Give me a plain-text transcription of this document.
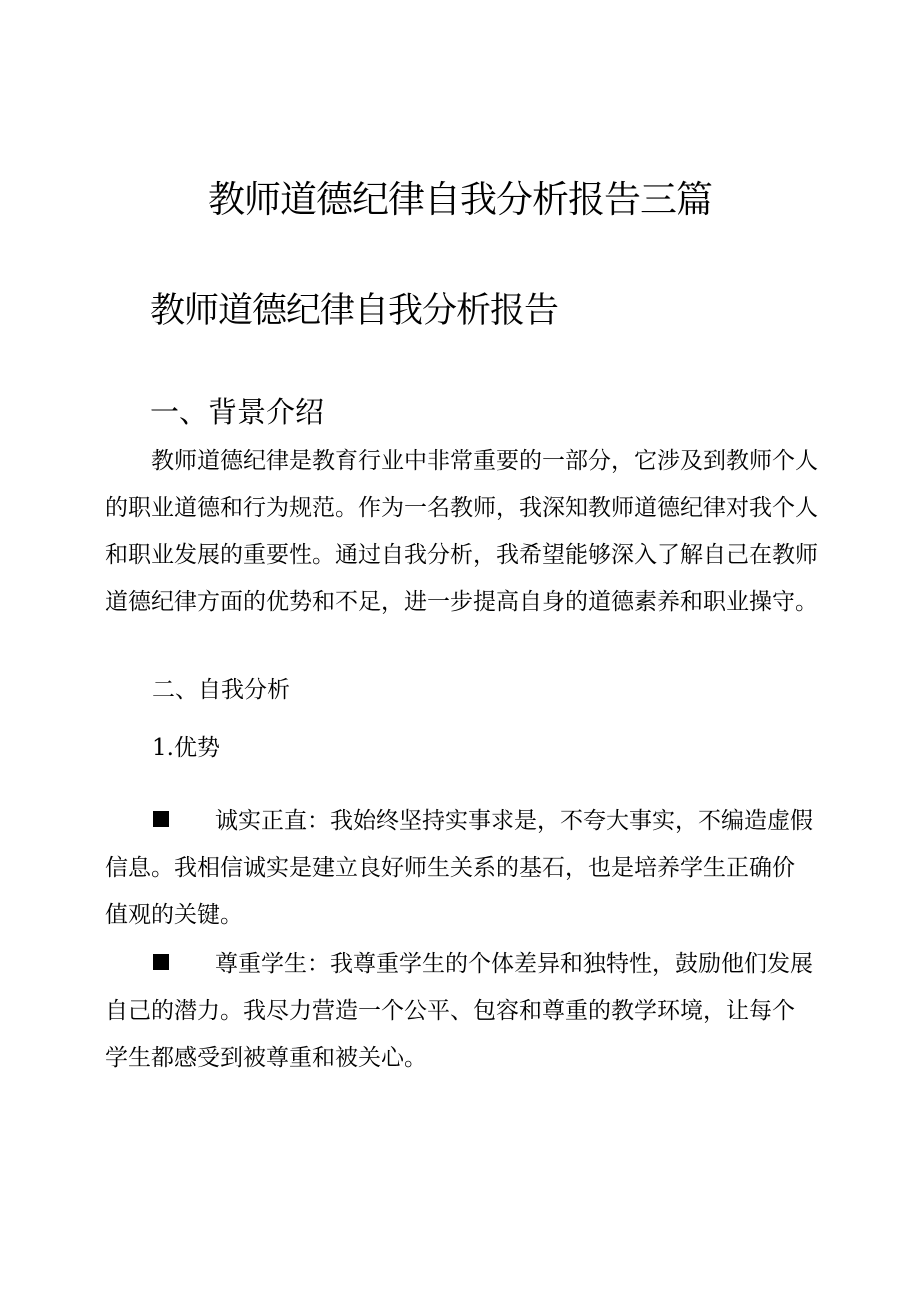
教师道德纪律自我分析报告三篇
教师道德纪律自我分析报告
一、背景介绍
教师道德纪律是教育行业中非常重要的一部分，它涉及到教师个人
的职业道德和行为规范。作为一名教师，我深知教师道德纪律对我个人
和职业发展的重要性。通过自我分析，我希望能够深入了解自己在教师
道德纪律方面的优势和不足，进一步提高自身的道德素养和职业操守。
二、自我分析
1.优势
诚实正直：我始终坚持实事求是，不夸大事实，不编造虚假
信息。我相信诚实是建立良好师生关系的基石，也是培养学生正确价
值观的关键。
尊重学生：我尊重学生的个体差异和独特性，鼓励他们发展
自己的潜力。我尽力营造一个公平、包容和尊重的教学环境，让每个
学生都感受到被尊重和被关心。
